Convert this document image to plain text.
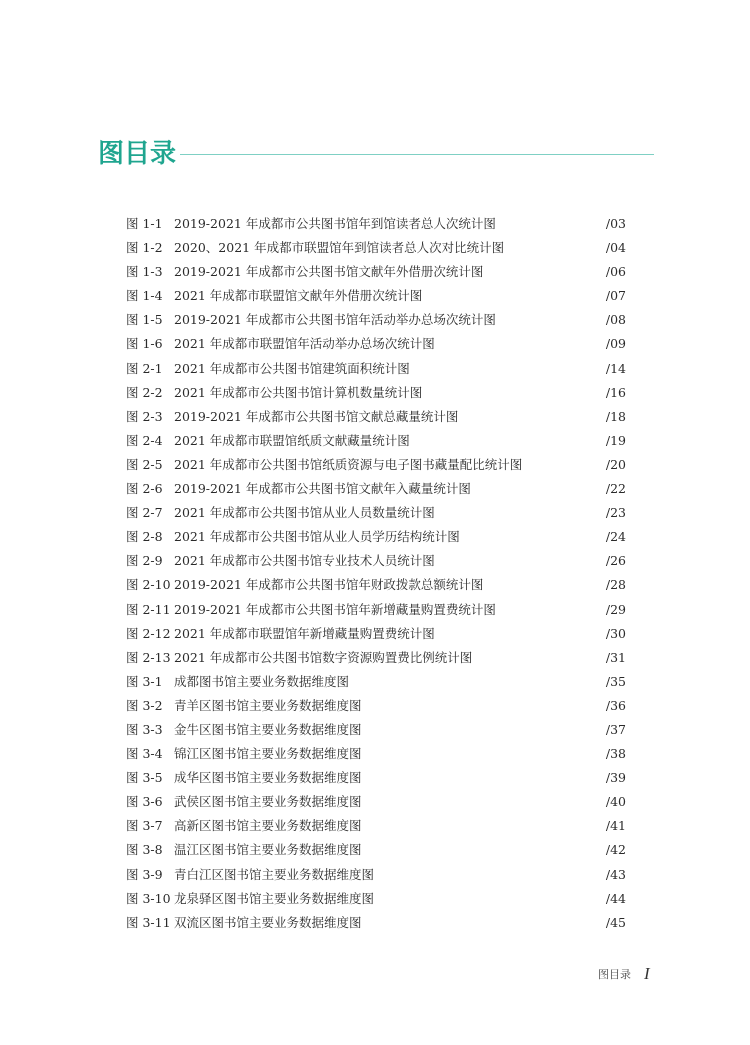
图目录
图 1-1 2019-2021 年成都市公共图书馆年到馆读者总人次统计图	/03
图 1-2 2020、2021 年成都市联盟馆年到馆读者总人次对比统计图	/04
图 1-3 2019-2021 年成都市公共图书馆文献年外借册次统计图	/06
图 1-4 2021 年成都市联盟馆文献年外借册次统计图	/07
图 1-5 2019-2021 年成都市公共图书馆年活动举办总场次统计图	/08
图 1-6 2021 年成都市联盟馆年活动举办总场次统计图	/09
图 2-1 2021 年成都市公共图书馆建筑面积统计图	/14
图 2-2 2021 年成都市公共图书馆计算机数量统计图	/16
图 2-3 2019-2021 年成都市公共图书馆文献总藏量统计图	/18
图 2-4 2021 年成都市联盟馆纸质文献藏量统计图	/19
图 2-5 2021 年成都市公共图书馆纸质资源与电子图书藏量配比统计图	/20
图 2-6 2019-2021 年成都市公共图书馆文献年入藏量统计图	/22
图 2-7 2021 年成都市公共图书馆从业人员数量统计图	/23
图 2-8 2021 年成都市公共图书馆从业人员学历结构统计图	/24
图 2-9 2021 年成都市公共图书馆专业技术人员统计图	/26
图 2-10 2019-2021 年成都市公共图书馆年财政拨款总额统计图	/28
图 2-11 2019-2021 年成都市公共图书馆年新增藏量购置费统计图	/29
图 2-12 2021 年成都市联盟馆年新增藏量购置费统计图	/30
图 2-13 2021 年成都市公共图书馆数字资源购置费比例统计图	/31
图 3-1 成都图书馆主要业务数据维度图	/35
图 3-2 青羊区图书馆主要业务数据维度图	/36
图 3-3 金牛区图书馆主要业务数据维度图	/37
图 3-4 锦江区图书馆主要业务数据维度图	/38
图 3-5 成华区图书馆主要业务数据维度图	/39
图 3-6 武侯区图书馆主要业务数据维度图	/40
图 3-7 高新区图书馆主要业务数据维度图	/41
图 3-8 温江区图书馆主要业务数据维度图	/42
图 3-9 青白江区图书馆主要业务数据维度图	/43
图 3-10 龙泉驿区图书馆主要业务数据维度图	/44
图 3-11 双流区图书馆主要业务数据维度图	/45
图目录 I
